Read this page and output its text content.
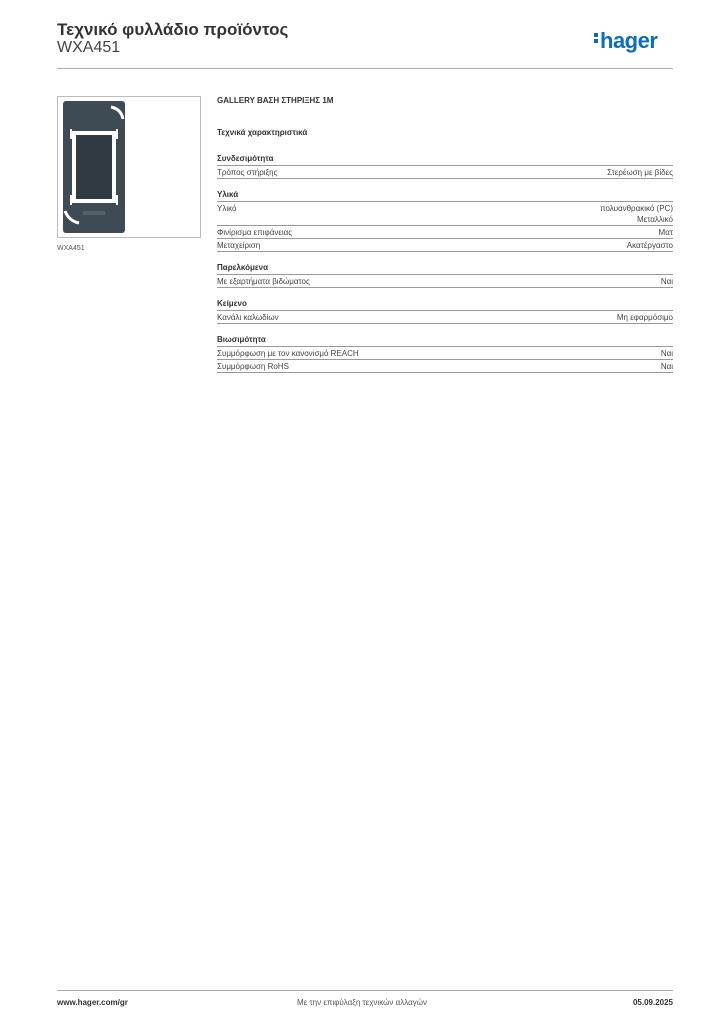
Τεχνικό φυλλάδιο προϊόντος
WXA451	hager
WXA451
GALLERY ΒΑΣΗ ΣΤΗΡΙΞΗΣ 1M
Τεχνικά χαρακτηριστικά
Συνδεσιμότητα
Τρόπος στήριξης	Στερέωση με βίδες
Υλικά
Υλικό	πολυανθρακικό (PC)
Μεταλλικό
Φινίρισμα επιφάνειας	Ματ
Μεταχείριση	Ακατέργαστο
Παρελκόμενα
Με εξαρτήματα βιδώματος	Ναι
Κείμενο
Κανάλι καλωδίων	Μη εφαρμόσιμο
Βιωσιμότητα
Συμμόρφωση με τον κανονισμό REACH	Ναι
Συμμόρφωση RoHS	Ναι
www.hager.com/gr	Με την επιφύλαξη τεχνικών αλλαγών	05.09.2025
